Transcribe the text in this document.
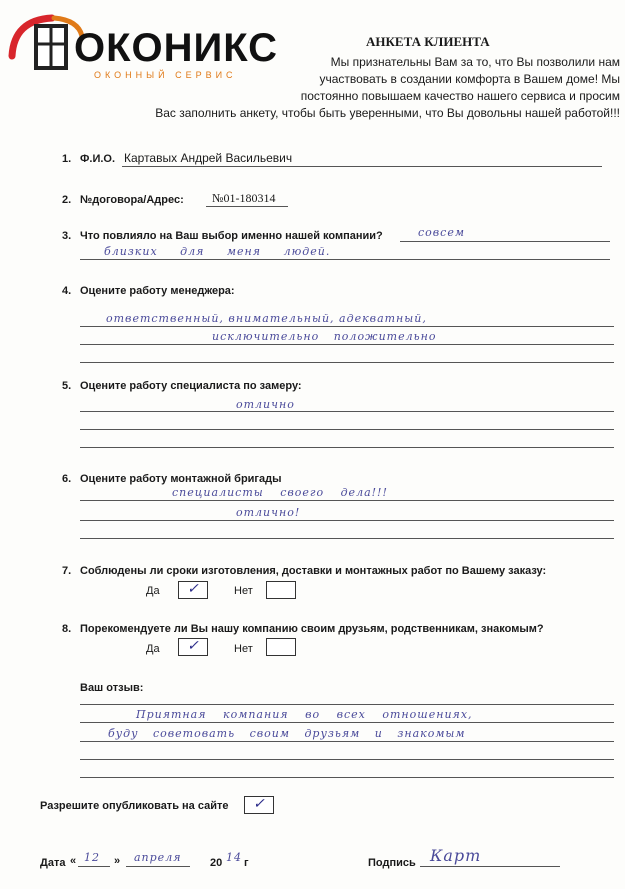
ОКОНИКС
ОКОННЫЙ СЕРВИС
АНКЕТА КЛИЕНТА
Мы признательны Вам за то, что Вы позволили нам
участвовать в создании комфорта в Вашем доме! Мы
постоянно повышаем качество нашего сервиса и просим
Вас заполнить анкету, чтобы быть уверенными, что Вы довольны нашей работой!!!
1. Ф.И.О. Картавых Андрей Васильевич
2. №договора/Адрес: №01-180314
3. Что повлияло на Ваш выбор именно нашей компании?	совсем
близких для меня людей.
4. Оцените работу менеджера:
ответственный, внимательный, адекватный,
исключительно положительно
5. Оцените работу специалиста по замеру:
отлично
6. Оцените работу монтажной бригады
специалисты своего дела!!!
отлично!
7. Соблюдены ли сроки изготовления, доставки и монтажных работ по Вашему заказу:
Да ✓	Нет
8. Порекомендуете ли Вы нашу компанию своим друзьям, родственникам, знакомым?
Да ✓	Нет
Ваш отзыв:
Приятная компания во всех отношениях,
буду советовать своим друзьям и знакомым
Разрешите опубликовать на сайте ✓
Дата « 12 » апреля	20 14 г	Подпись Карт
